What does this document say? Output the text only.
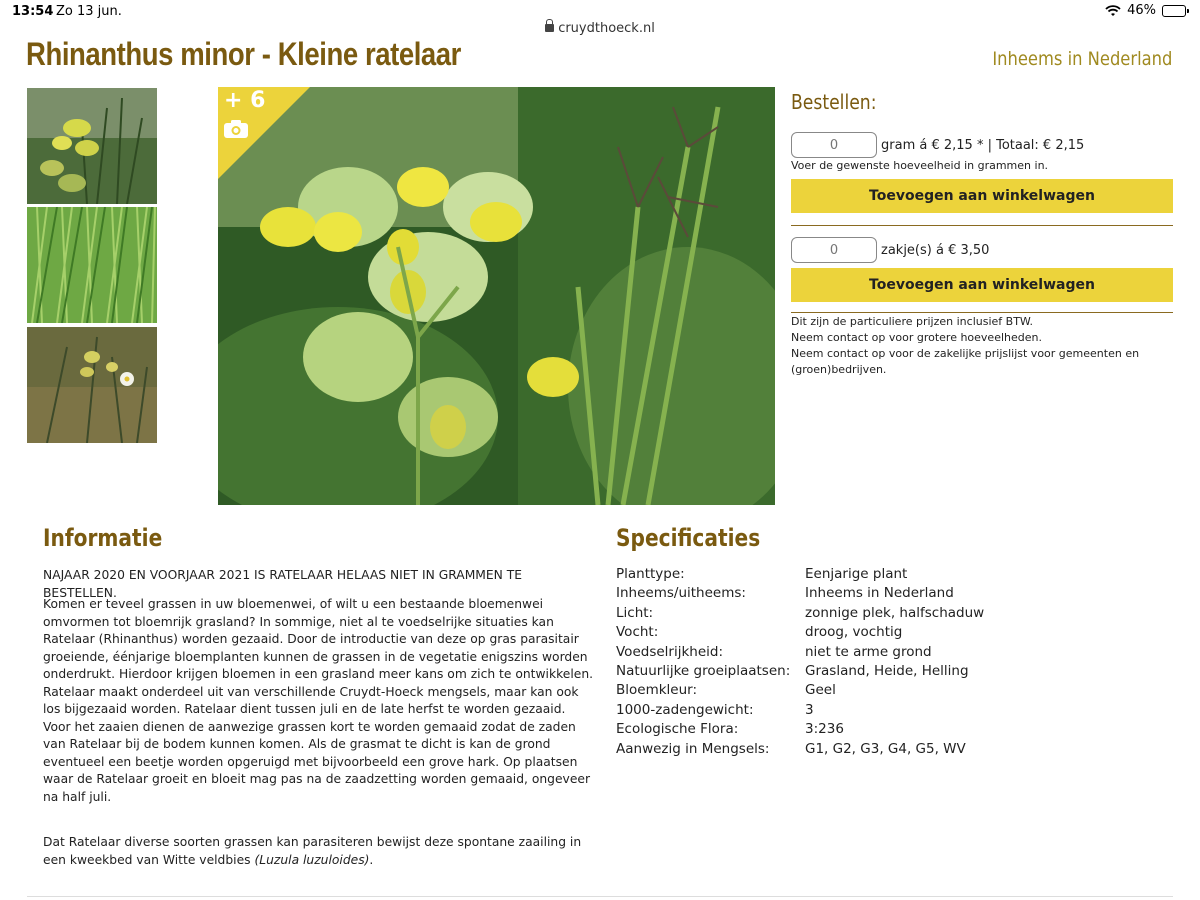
13:54 Zo 13 jun.	46%
cruydthoeck.nl
Rhinanthus minor - Kleine ratelaar	Inheems in Nederland
+ 6	Bestellen:
0
gram á € 2,15 * | Totaal: € 2,15
Voer de gewenste hoeveelheid in grammen in.
Toevoegen aan winkelwagen
0
zakje(s) á € 3,50
Toevoegen aan winkelwagen
Dit zijn de particuliere prijzen inclusief BTW.
Neem contact op voor grotere hoeveelheden.
Neem contact op voor de zakelijke prijslijst voor gemeenten en (groen)bedrijven.
Informatie

NAJAAR 2020 EN VOORJAAR 2021 IS RATELAAR HELAAS NIET IN GRAMMEN TE BESTELLEN.

Komen er teveel grassen in uw bloemenwei, of wilt u een bestaande bloemenwei omvormen tot bloemrijk grasland? In sommige, niet al te voedselrijke situaties kan Ratelaar (Rhinanthus) worden gezaaid. Door de introductie van deze op gras parasitair groeiende, éénjarige bloemplanten kunnen de grassen in de vegetatie enigszins worden onderdrukt. Hierdoor krijgen bloemen in een grasland meer kans om zich te ontwikkelen. Ratelaar maakt onderdeel uit van verschillende Cruydt-Hoeck mengsels, maar kan ook los bijgezaaid worden. Ratelaar dient tussen juli en de late herfst te worden gezaaid. Voor het zaaien dienen de aanwezige grassen kort te worden gemaaid zodat de zaden van Ratelaar bij de bodem kunnen komen. Als de grasmat te dicht is kan de grond eventueel een beetje worden opgeruigd met bijvoorbeeld een grove hark. Op plaatsen waar de Ratelaar groeit en bloeit mag pas na de zaadzetting worden gemaaid, ongeveer na half juli.

Dat Ratelaar diverse soorten grassen kan parasiteren bewijst deze spontane zaailing in een kweekbed van Witte veldbies (Luzula luzuloides).

Specificaties
Planttype:	Eenjarige plant
Inheems/uitheems:	Inheems in Nederland
Licht:	zonnige plek, halfschaduw
Vocht:	droog, vochtig
Voedselrijkheid:	niet te arme grond
Natuurlijke groeiplaatsen:	Grasland, Heide, Helling
Bloemkleur:	Geel
1000-zadengewicht:	3
Ecologische Flora:	3:236
Aanwezig in Mengsels:	G1, G2, G3, G4, G5, WV
